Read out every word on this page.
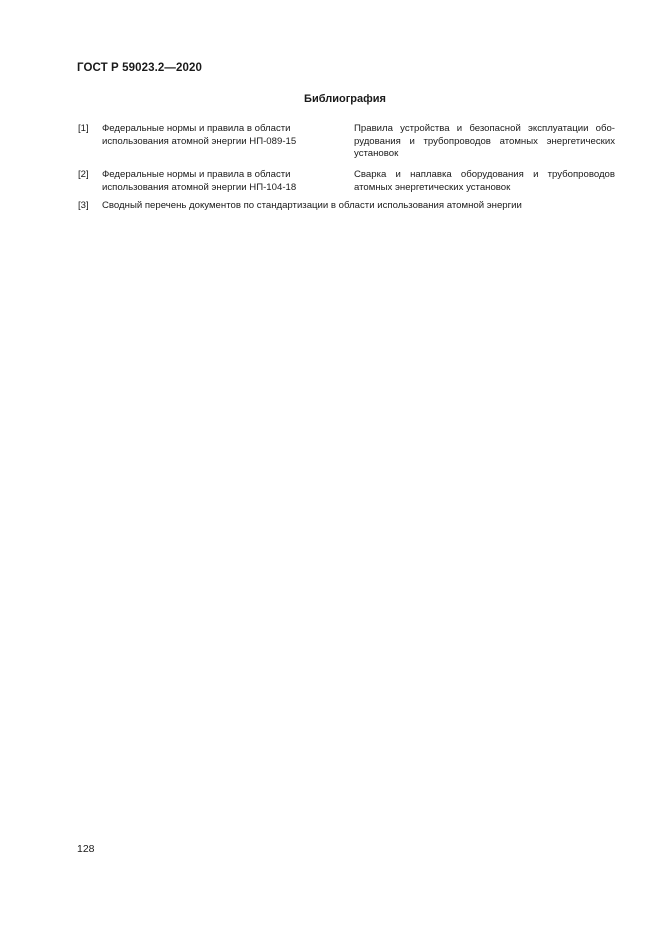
ГОСТ Р 59023.2—2020
Библиография
[1] Федеральные нормы и правила в области
использования атомной энергии НП-089-15
Правила устройства и безопасной эксплуатации обо-
рудования и трубопроводов атомных энергетических
установок
[2] Федеральные нормы и правила в области
использования атомной энергии НП-104-18
Сварка и наплавка оборудования и трубопроводов
атомных энергетических установок
[3] Сводный перечень документов по стандартизации в области использования атомной энергии

128
